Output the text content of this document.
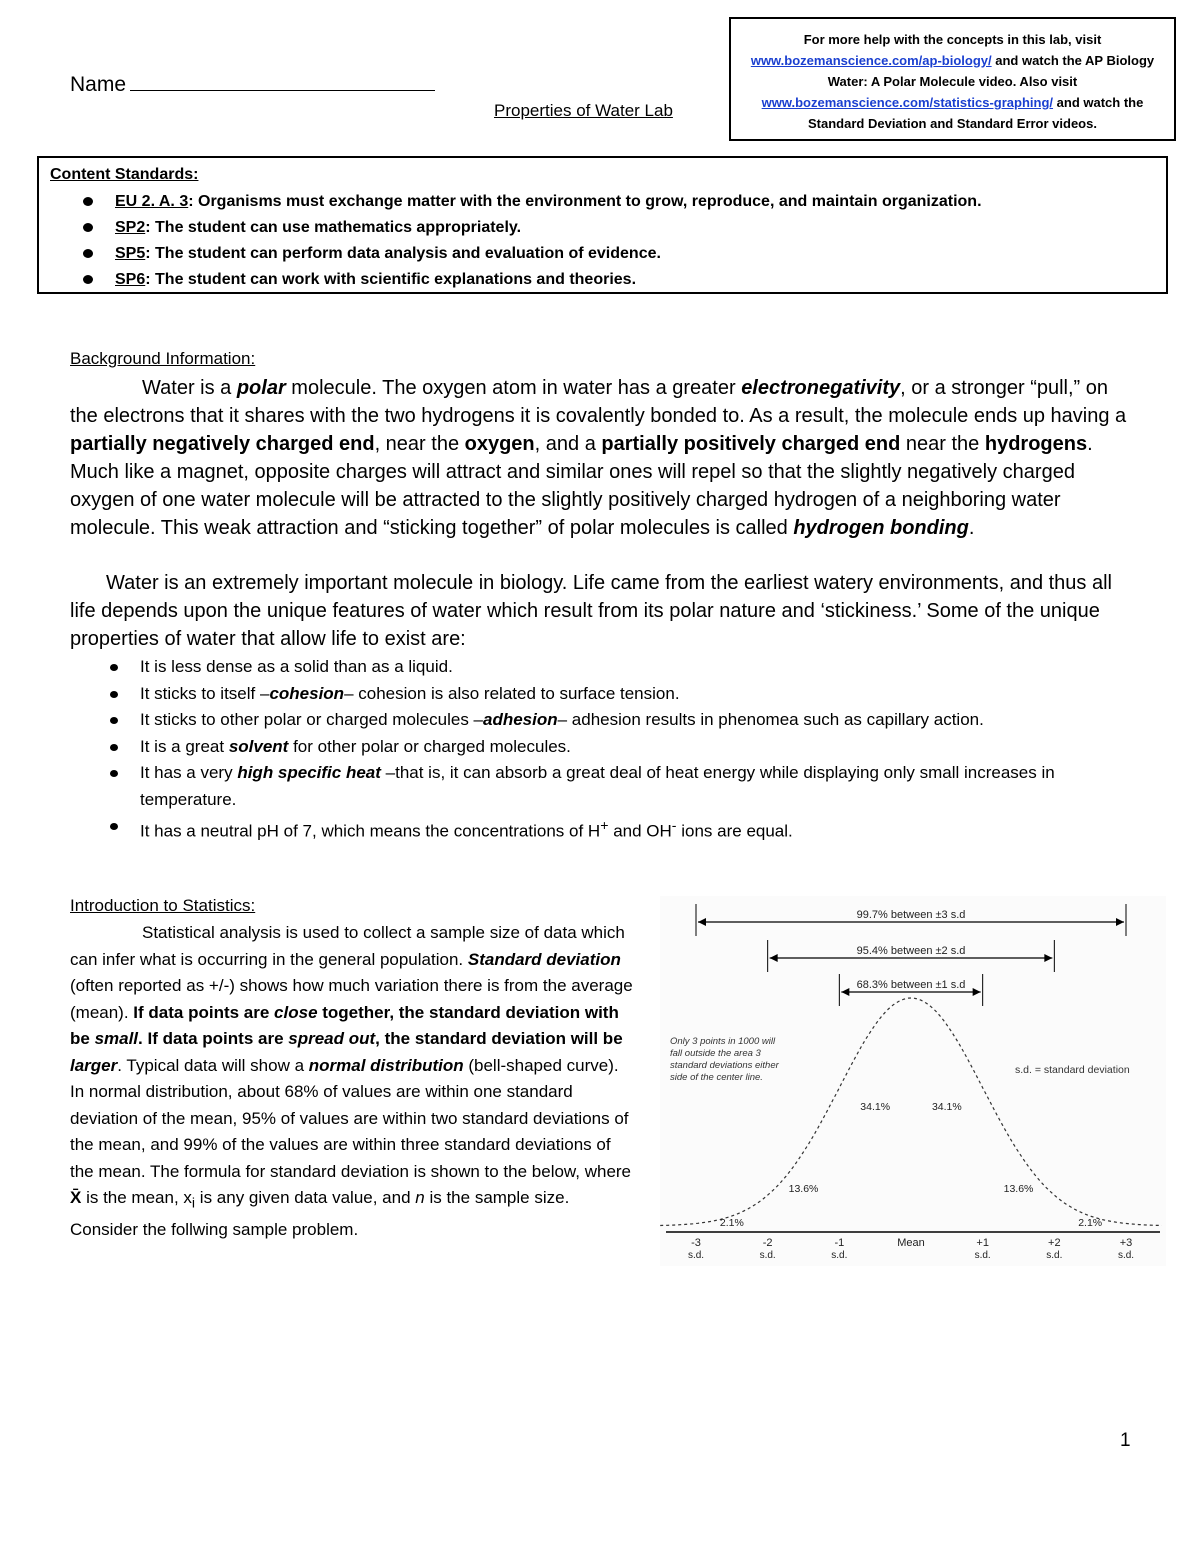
Name
Properties of Water Lab
For more help with the concepts in this lab, visit
www.bozemanscience.com/ap-biology/ and watch the AP Biology Water: A Polar Molecule video. Also visit www.bozemanscience.com/statistics-graphing/ and watch the Standard Deviation and Standard Error videos.
Content Standards:
EU 2. A. 3: Organisms must exchange matter with the environment to grow, reproduce, and maintain organization.
SP2: The student can use mathematics appropriately.
SP5: The student can perform data analysis and evaluation of evidence.
SP6: The student can work with scientific explanations and theories.
Background Information:

Water is a polar molecule. The oxygen atom in water has a greater electronegativity, or a stronger “pull,” on the electrons that it shares with the two hydrogens it is covalently bonded to. As a result, the molecule ends up having a partially negatively charged end, near the oxygen, and a partially positively charged end near the hydrogens. Much like a magnet, opposite charges will attract and similar ones will repel so that the slightly negatively charged oxygen of one water molecule will be attracted to the slightly positively charged hydrogen of a neighboring water molecule. This weak attraction and “sticking together” of polar molecules is called hydrogen bonding.

Water is an extremely important molecule in biology. Life came from the earliest watery environments, and thus all life depends upon the unique features of water which result from its polar nature and ‘stickiness.’ Some of the unique properties of water that allow life to exist are:

It is less dense as a solid than as a liquid.
It sticks to itself –cohesion– cohesion is also related to surface tension.
It sticks to other polar or charged molecules –adhesion– adhesion results in phenomea such as capillary action.
It is a great solvent for other polar or charged molecules.
It has a very high specific heat –that is, it can absorb a great deal of heat energy while displaying only small increases in temperature.
It has a neutral pH of 7, which means the concentrations of H+ and OH- ions are equal.
Introduction to Statistics:

Statistical analysis is used to collect a sample size of data which can infer what is occurring in the general population. Standard deviation (often reported as +/-) shows how much variation there is from the average (mean). If data points are close together, the standard deviation with be small. If data points are spread out, the standard deviation will be larger. Typical data will show a normal distribution (bell-shaped curve). In normal distribution, about 68% of values are within one standard deviation of the mean, 95% of values are within two standard deviations of the mean, and 99% of the values are within three standard deviations of the mean. The formula for standard deviation is shown to the below, where X̄ is the mean, $x_i$ is any given data value, and n is the sample size. Consider the follwing sample problem.

-3
s.d.
-2
s.d.
-1
s.d.
Mean	+1
s.d.
+2
s.d.
+3
s.d.
99.7% between ±3 s.d
95.4% between ±2 s.d
68.3% between ±1 s.d
34.1%	34.1%
13.6%	13.6%
2.1%	2.1%
Only 3 points in 1000 will fall outside the area 3 standard deviations either side of the center line.
s.d. = standard deviation
1
